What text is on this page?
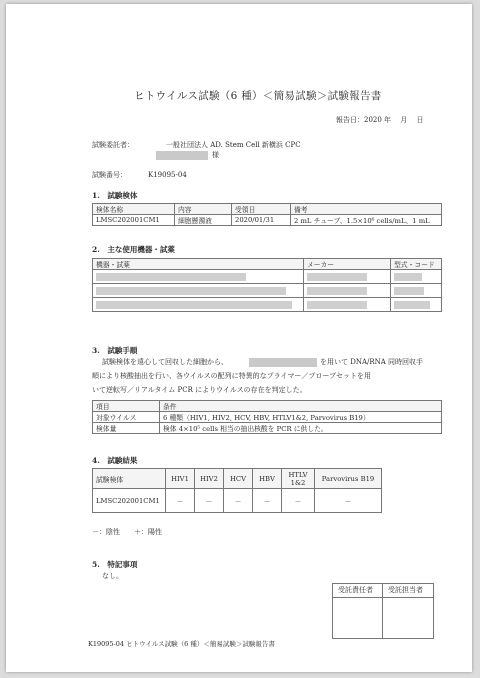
ヒトウイルス試験（6 種）＜簡易試験＞試験報告書
報告日：2020 年　 月　 日
試験委託者：	一般社団法人 AD. Stem Cell 新横浜 CPC
様
試験番号：	K19095-04
1.　試験検体
検体名称	内容	受領日	備考
LMSC202001CM1	細胞懸濁液	2020/01/31	2 mL チューブ、1.5×10⁶ cells/mL、1 mL
2.　主な使用機器・試薬
機器・試薬	メーカー	型式・コード

3.　試験手順
試験検体を遠心して回収した細胞から、	を用いて DNA/RNA 同時回収手
順により核酸抽出を行い、各ウイルスの配列に特異的なプライマー／プローブセットを用
いて逆転写／リアルタイム PCR によりウイルスの存在を判定した。
項目	条件
対象ウイルス	6 種類（HIV1, HIV2, HCV, HBV, HTLV1&2, Parvovirus B19）
検体量	検体 4×10⁵ cells 相当の抽出核酸を PCR に供した。
4.　試験結果
試験検体	HIV1	HIV2	HCV	HBV	HTLV 1&2	Parvovirus B19
LMSC202001CM1	－	－	－	－	－	－
－：陰性　　＋：陽性
5.　特記事項
なし。
受託責任者 受託担当者
K19095-04 ヒトウイルス試験（6 種）＜簡易試験＞試験報告書
